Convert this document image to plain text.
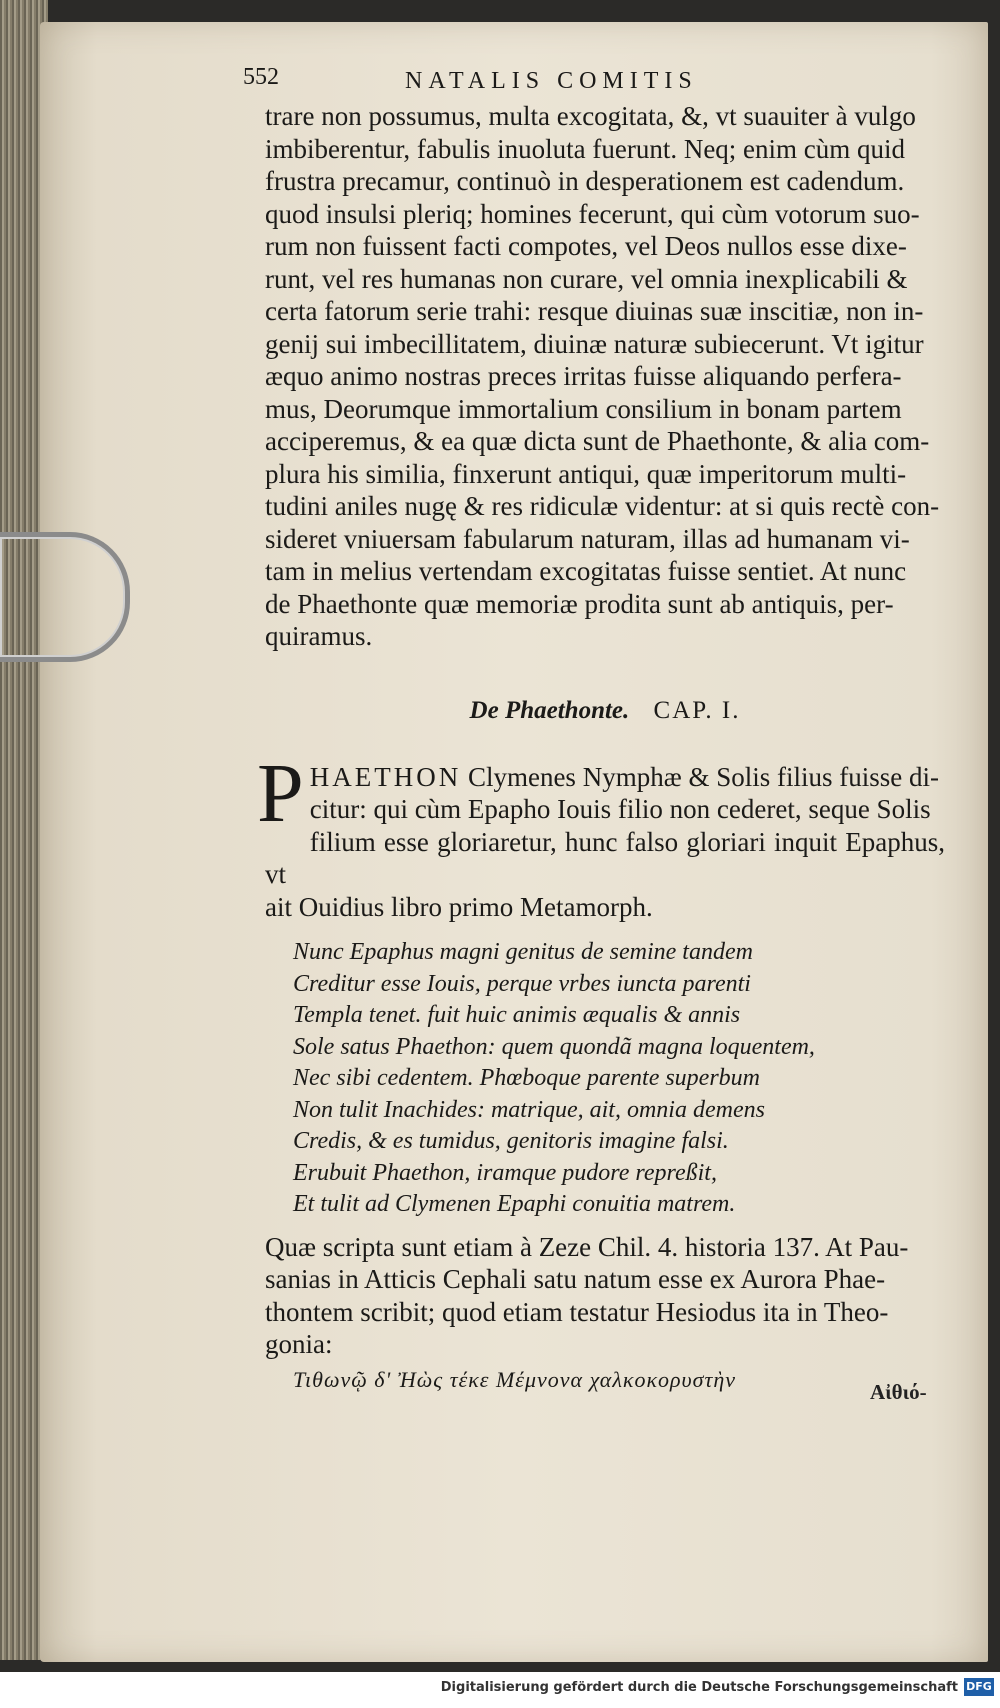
552	NATALIS COMITIS

trare non possumus, multa excogitata, &, vt suauiter à vulgo

imbiberentur, fabulis inuoluta fuerunt. Neq; enim cùm quid

frustra precamur, continuò in desperationem est cadendum.

quod insulsi pleriq; homines fecerunt, qui cùm votorum suo-

rum non fuissent facti compotes, vel Deos nullos esse dixe-

runt, vel res humanas non curare, vel omnia inexplicabili &

certa fatorum serie trahi: resque diuinas suæ inscitiæ, non in-

genij sui imbecillitatem, diuinæ naturæ subiecerunt. Vt igitur

æquo animo nostras preces irritas fuisse aliquando perfera-

mus, Deorumque immortalium consilium in bonam partem

acciperemus, & ea quæ dicta sunt de Phaethonte, & alia com-

plura his similia, finxerunt antiqui, quæ imperitorum multi-

tudini aniles nugę & res ridiculæ videntur: at si quis rectè con-

sideret vniuersam fabularum naturam, illas ad humanam vi-

tam in melius vertendam excogitatas fuisse sentiet. At nunc

de Phaethonte quæ memoriæ prodita sunt ab antiquis, per-

quiramus.

De Phaethonte. CAP. I.
P HAETHON Clymenes Nymphæ & Solis filius fuisse di-

citur: qui cùm Epapho Iouis filio non cederet, seque Solis

filium esse gloriaretur, hunc falso gloriari inquit Epaphus, vt

ait Ouidius libro primo Metamorph.

Nunc Epaphus magni genitus de semine tandem
Creditur esse Iouis, perque vrbes iuncta parenti
Templa tenet. fuit huic animis æqualis & annis
Sole satus Phaethon: quem quondã magna loquentem,
Nec sibi cedentem. Phœboque parente superbum
Non tulit Inachides: matrique, ait, omnia demens
Credis, & es tumidus, genitoris imagine falsi.
Erubuit Phaethon, iramque pudore repreßit,
Et tulit ad Clymenen Epaphi conuitia matrem.

Quæ scripta sunt etiam à Zeze Chil. 4. historia 137. At Pau-

sanias in Atticis Cephali satu natum esse ex Aurora Phae-

thontem scribit; quod etiam testatur Hesiodus ita in Theo-

gonia:

Τιθωνῷ δ' Ἠὼς τέκε Μέμνονα χαλκοκορυστὴν
Αἰθιό-
Digitalisierung gefördert durch die Deutsche Forschungsgemeinschaft DFG
